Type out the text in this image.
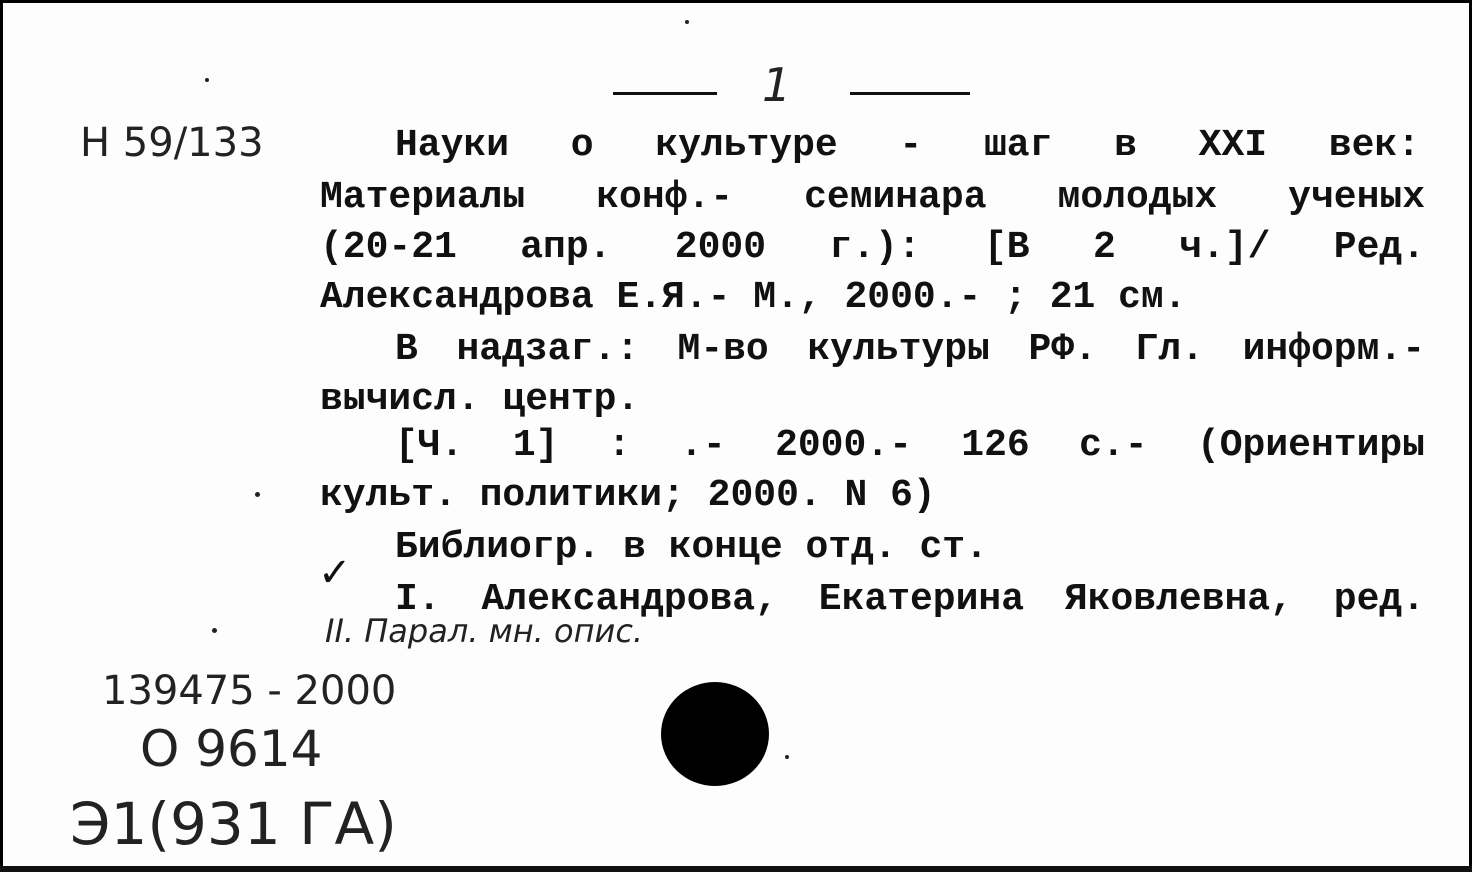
1
Н 59/133	Науки о культуре - шаг в XXI век:
Материалы конф.- семинара молодых ученых
(20-21 апр. 2000 г.): [В 2 ч.]/ Ред.
Александрова Е.Я.- М., 2000.- ; 21 см.
В надзаг.: М-во культуры РФ. Гл. информ.-
вычисл. центр.
[Ч. 1] : .- 2000.- 126 с.- (Ориентиры
культ. политики; 2000. N 6)
Библиогр. в конце отд. ст.
I. Александрова, Екатерина Яковлевна, ред.
✓
II. Парал. мн. опис.
139475 - 2000
О 9614
Э1(931 ГА)
